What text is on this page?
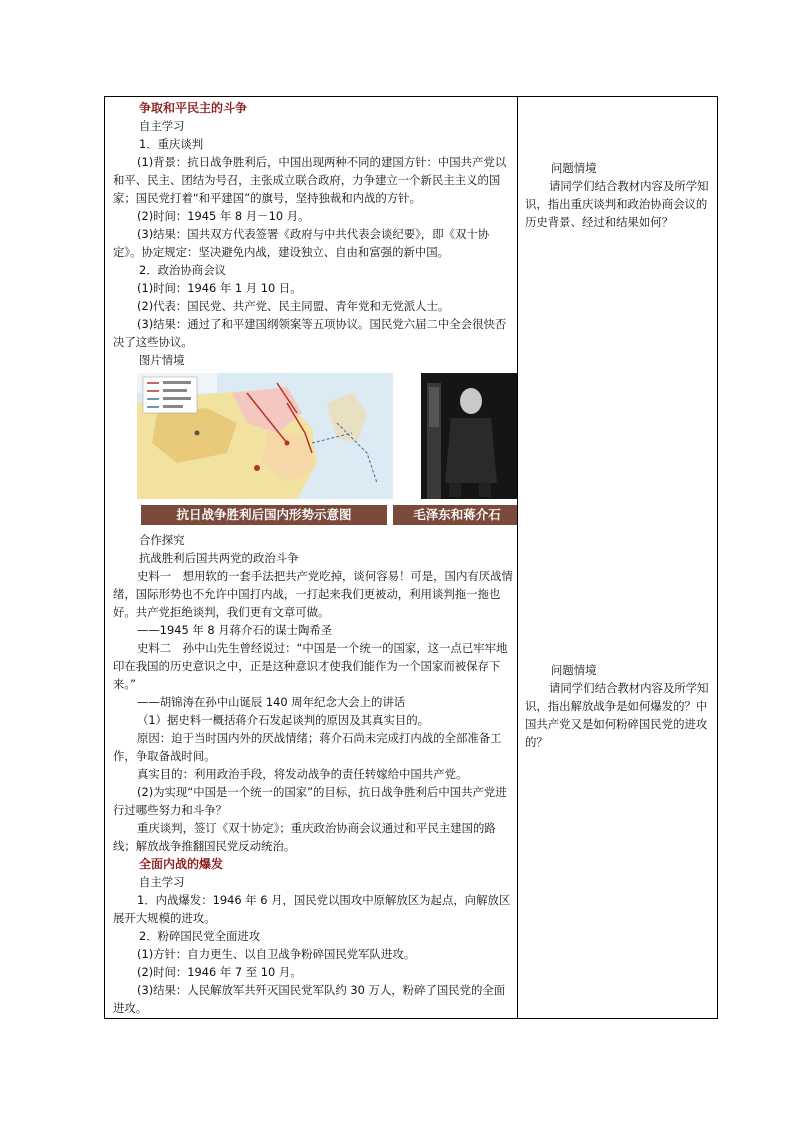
争取和平民主的斗争

自主学习

1．重庆谈判

(1)背景：抗日战争胜利后，中国出现两种不同的建国方针：中国共产党以和平、民主、团结为号召，主张成立联合政府，力争建立一个新民主主义的国家；国民党打着“和平建国”的旗号，坚持独裁和内战的方针。

(2)时间：1945 年 8 月－10 月。

(3)结果：国共双方代表签署《政府与中共代表会谈纪要》，即《双十协定》。协定规定：坚决避免内战，建设独立、自由和富强的新中国。

2．政治协商会议

(1)时间：1946 年 1 月 10 日。

(2)代表：国民党、共产党、民主同盟、青年党和无党派人士。

(3)结果：通过了和平建国纲领案等五项协议。国民党六届二中全会很快否决了这些协议。

图片情境

抗日战争胜利后国内形势示意图	毛泽东和蒋介石

合作探究

抗战胜利后国共两党的政治斗争

史料一　想用软的一套手法把共产党吃掉，谈何容易！可是，国内有厌战情绪，国际形势也不允许中国打内战，一打起来我们更被动，利用谈判拖一拖也好。共产党拒绝谈判，我们更有文章可做。

——1945 年 8 月蒋介石的谋士陶希圣

史料二　孙中山先生曾经说过：“中国是一个统一的国家，这一点已牢牢地印在我国的历史意识之中，正是这种意识才使我们能作为一个国家而被保存下来。”

——胡锦涛在孙中山诞辰 140 周年纪念大会上的讲话

（1）据史料一概括蒋介石发起谈判的原因及其真实目的。

原因：迫于当时国内外的厌战情绪；蒋介石尚未完成打内战的全部准备工作，争取备战时间。

真实目的：利用政治手段，将发动战争的责任转嫁给中国共产党。

(2)为实现“中国是一个统一的国家”的目标，抗日战争胜利后中国共产党进行过哪些努力和斗争？

重庆谈判，签订《双十协定》；重庆政治协商会议通过和平民主建国的路线；解放战争推翻国民党反动统治。

全面内战的爆发

自主学习

1．内战爆发：1946 年 6 月，国民党以围攻中原解放区为起点，向解放区展开大规模的进攻。

2．粉碎国民党全面进攻

(1)方针：自力更生、以自卫战争粉碎国民党军队进攻。

(2)时间：1946 年 7 至 10 月。

(3)结果：人民解放军共歼灭国民党军队约 30 万人，粉碎了国民党的全面进攻。

问题情境

请同学们结合教材内容及所学知识，指出重庆谈判和政治协商会议的历史背景、经过和结果如何？

问题情境

请同学们结合教材内容及所学知识，指出解放战争是如何爆发的？中国共产党又是如何粉碎国民党的进攻的？
